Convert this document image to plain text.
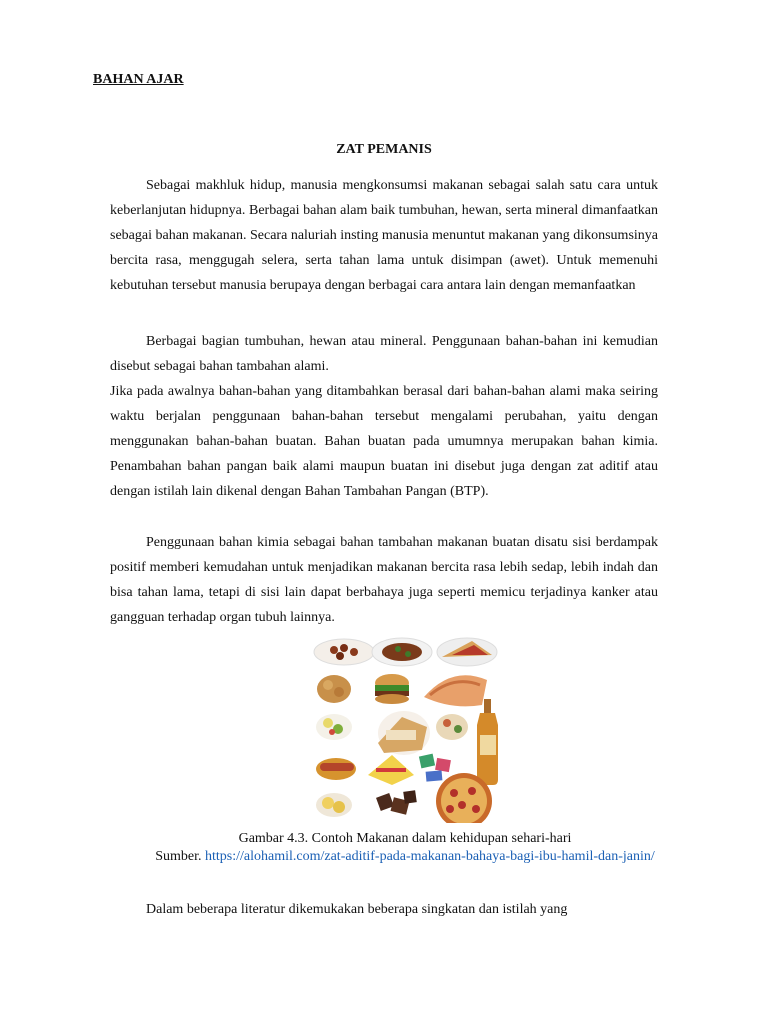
BAHAN AJAR
ZAT PEMANIS

Sebagai makhluk hidup, manusia mengkonsumsi makanan sebagai salah satu cara untuk keberlanjutan hidupnya. Berbagai bahan alam baik tumbuhan, hewan, serta mineral dimanfaatkan sebagai bahan makanan. Secara naluriah insting manusia menuntut makanan yang dikonsumsinya bercita rasa, menggugah selera, serta tahan lama untuk disimpan (awet). Untuk memenuhi kebutuhan tersebut manusia berupaya dengan berbagai cara antara lain dengan memanfaatkan

Berbagai bagian tumbuhan, hewan atau mineral. Penggunaan bahan-bahan ini kemudian disebut sebagai bahan tambahan alami.

Jika pada awalnya bahan-bahan yang ditambahkan berasal dari bahan-bahan alami maka seiring waktu berjalan penggunaan bahan-bahan tersebut mengalami perubahan, yaitu dengan menggunakan bahan-bahan buatan. Bahan buatan pada umumnya merupakan bahan kimia. Penambahan bahan pangan baik alami maupun buatan ini disebut juga dengan zat aditif atau dengan istilah lain dikenal dengan Bahan Tambahan Pangan (BTP).

Penggunaan bahan kimia sebagai bahan tambahan makanan buatan disatu sisi berdampak positif memberi kemudahan untuk menjadikan makanan bercita rasa lebih sedap, lebih indah dan bisa tahan lama, tetapi di sisi lain dapat berbahaya juga seperti memicu terjadinya kanker atau gangguan terhadap organ tubuh lainnya.

Gambar 4.3. Contoh Makanan dalam kehidupan sehari-hari
Sumber. https://alohamil.com/zat-aditif-pada-makanan-bahaya-bagi-ibu-hamil-dan-janin/

Dalam beberapa literatur dikemukakan beberapa singkatan dan istilah yang
